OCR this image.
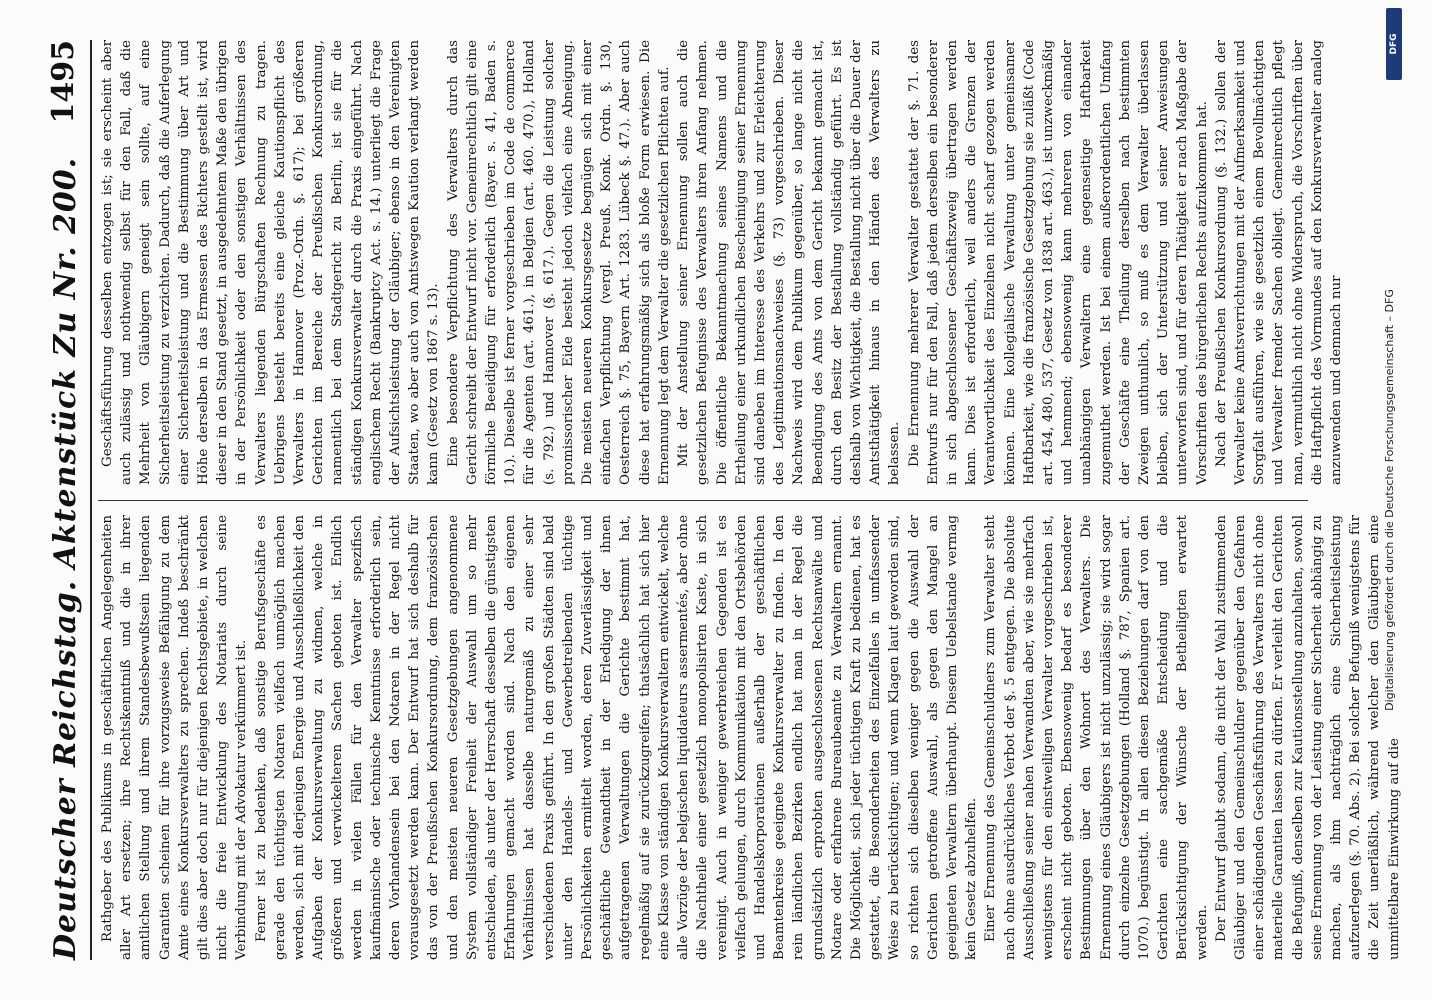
Deutscher Reichstag. Aktenstück Zu Nr. 200.
1495

Rathgeber des Publikums in geschäftlichen Angelegenheiten aller Art ersetzen; ihre Rechtskenntniß und die in ihrer amtlichen Stellung und ihrem Standesbewußtsein liegenden Garantien scheinen für ihre vorzugsweise Befähigung zu dem Amte eines Konkursverwalters zu sprechen. Indeß beschränkt gilt dies aber doch nur für diejenigen Rechtsgebiete, in welchen nicht die freie Entwicklung des Notariats durch seine Verbindung mit der Advokatur verkümmert ist. Ferner ist zu bedenken, daß sonstige Berufsgeschäfte es gerade den tüchtigsten Notaren vielfach unmöglich machen werden, sich mit derjenigen Energie und Ausschließlichkeit den Aufgaben der Konkursverwaltung zu widmen, welche in größeren und verwickelteren Sachen geboten ist. Endlich werden in vielen Fällen für den Verwalter spezifisch kaufmännische oder technische Kenntnisse erforderlich sein, deren Vorhandensein bei den Notaren in der Regel nicht vorausgesetzt werden kann. Der Entwurf hat sich deshalb für das von der Preußischen Konkursordnung, dem französischen und den meisten neueren Gesetzgebungen angenommene System vollständiger Freiheit der Auswahl um so mehr entschieden, als unter der Herrschaft desselben die günstigsten Erfahrungen gemacht worden sind. Nach den eigenen Verhältnissen hat dasselbe naturgemäß zu einer sehr verschiedenen Praxis geführt. In den großen Städten sind bald unter den Handels- und Gewerbetreibenden tüchtige Persönlichkeiten ermittelt worden, deren Zuverlässigkeit und geschäftliche Gewandtheit in der Erledigung der ihnen aufgetragenen Verwaltungen die Gerichte bestimmt hat, regelmäßig auf sie zurückzugreifen; thatsächlich hat sich hier eine Klasse von ständigen Konkursverwaltern entwickelt, welche alle Vorzüge der belgischen liquidateurs assermentés, aber ohne die Nachtheile einer gesetzlich monopolisirten Kaste, in sich vereinigt. Auch in weniger gewerbreichen Gegenden ist es vielfach gelungen, durch Kommunikation mit den Ortsbehörden und Handelskorporationen außerhalb der geschäftlichen Beamtenkreise geeignete Konkursverwalter zu finden. In den rein ländlichen Bezirken endlich hat man in der Regel die grundsätzlich erprobten ausgeschlossenen Rechtsanwälte und Notare oder erfahrene Bureaubeamte zu Verwaltern ernannt. Die Möglichkeit, sich jeder tüchtigen Kraft zu bedienen, hat es gestattet, die Besonderheiten des Einzelfalles in umfassender Weise zu berücksichtigen; und wenn Klagen laut geworden sind, so richten sich dieselben weniger gegen die Auswahl der Gerichten getroffene Auswahl, als gegen den Mangel an geeigneten Verwaltern überhaupt. Diesem Uebelstande vermag kein Gesetz abzuhelfen. Einer Ernennung des Gemeinschuldners zum Verwalter steht nach ohne ausdrückliches Verbot der §. 5 entgegen. Die absolute Ausschließung seiner nahen Verwandten aber, wie sie mehrfach wenigstens für den einstweiligen Verwalter vorgeschrieben ist, erscheint nicht geboten. Ebensowenig bedarf es besonderer Bestimmungen über den Wohnort des Verwalters. Die Ernennung eines Gläubigers ist nicht unzulässig; sie wird sogar durch einzelne Gesetzgebungen (Holland §. 787, Spanien art. 1070.) begünstigt. In allen diesen Beziehungen darf von den Gerichten eine sachgemäße Entscheidung und die Berücksichtigung der Wünsche der Betheiligten erwartet werden. Der Entwurf glaubt sodann, die nicht der Wahl zustimmenden Gläubiger und den Gemeinschuldner gegenüber den Gefahren einer schädigenden Geschäftsführung des Verwalters nicht ohne materielle Garantien lassen zu dürfen. Er verleiht den Gerichten die Befugniß, denselben zur Kautionsstellung anzuhalten, sowohl seine Ernennung von der Leistung einer Sicherheit abhängig zu machen, als ihm nachträglich eine Sicherheitsleistung aufzuerlegen (§. 70. Abs. 2). Bei solcher Befugniß wenigstens für die Zeit unerläßlich, während welcher den Gläubigern eine unmittelbare Einwirkung auf die

Geschäftsführung desselben entzogen ist; sie erscheint aber auch zulässig und nothwendig selbst für den Fall, daß die Mehrheit von Gläubigern geneigt sein sollte, auf eine Sicherheitsleistung zu verzichten. Dadurch, daß die Auferlegung einer Sicherheitsleistung und die Bestimmung über Art und Höhe derselben in das Ermessen des Richters gestellt ist, wird dieser in den Stand gesetzt, in ausgedehntem Maße den übrigen in der Persönlichkeit oder den sonstigen Verhältnissen des Verwalters liegenden Bürgschaften Rechnung zu tragen. Uebrigens besteht bereits eine gleiche Kautionspflicht des Verwalters in Hannover (Proz.-Ordn. §. 617); bei größeren Gerichten im Bereiche der Preußischen Konkursordnung, namentlich bei dem Stadtgericht zu Berlin, ist sie für die ständigen Konkursverwalter durch die Praxis eingeführt. Nach englischem Recht (Bankruptcy Act. s. 14.) unterliegt die Frage der Aufsichtsleistung der Gläubiger; ebenso in den Vereinigten Staaten, wo aber auch von Amtswegen Kaution verlangt werden kann (Gesetz von 1867 s. 13). Eine besondere Verpflichtung des Verwalters durch das Gericht schreibt der Entwurf nicht vor. Gemeinrechtlich gilt eine förmliche Beeidigung für erforderlich (Bayer. s. 41, Baden s. 10.). Dieselbe ist ferner vorgeschrieben im Code de commerce für die Agenten (art. 461.), in Belgien (art. 460. 470.), Holland (s. 792.) und Hannover (§. 617.). Gegen die Leistung solcher promissorischer Eide besteht jedoch vielfach eine Abneigung. Die meisten neueren Konkursgesetze begnügen sich mit einer einfachen Verpflichtung (vergl. Preuß. Konk. Ordn. §. 130, Oesterreich §. 75, Bayern Art. 1283. Lübeck §. 47.). Aber auch diese hat erfahrungsmäßig sich als bloße Form erwiesen. Die Ernennung legt dem Verwalter die gesetzlichen Pflichten auf. Mit der Anstellung seiner Ernennung sollen auch die gesetzlichen Befugnisse des Verwalters ihren Anfang nehmen. Die öffentliche Bekanntmachung seines Namens und die Ertheilung einer urkundlichen Bescheinigung seiner Ernennung sind daneben im Interesse des Verkehrs und zur Erleichterung des Legitimationsnachweises (§. 73) vorgeschrieben. Dieser Nachweis wird dem Publikum gegenüber, so lange nicht die Beendigung des Amts von dem Gericht bekannt gemacht ist, durch den Besitz der Bestallung vollständig geführt. Es ist deshalb von Wichtigkeit, die Bestallung nicht über die Dauer der Amtsthätigkeit hinaus in den Händen des Verwalters zu belassen. Die Ernennung mehrerer Verwalter gestattet der §. 71. des Entwurfs nur für den Fall, daß jedem derselben ein besonderer in sich abgeschlossener Geschäftszweig übertragen werden kann. Dies ist erforderlich, weil anders die Grenzen der Verantwortlichkeit des Einzelnen nicht scharf gezogen werden können. Eine kollegialische Verwaltung unter gemeinsamer Haftbarkeit, wie die französische Gesetzgebung sie zuläßt (Code art. 454, 480, 537, Gesetz von 1838 art. 463.), ist unzweckmäßig und hemmend; ebensowenig kann mehreren von einander unabhängigen Verwaltern eine gegenseitige Haftbarkeit zugemuthet werden. Ist bei einem außerordentlichen Umfang der Geschäfte eine Theilung derselben nach bestimmten Zweigen unthunlich, so muß es dem Verwalter überlassen bleiben, sich der Unterstützung und seiner Anweisungen unterworfen sind, und für deren Thätigkeit er nach Maßgabe der Vorschriften des bürgerlichen Rechts aufzukommen hat. Nach der Preußischen Konkursordnung (§. 132.) sollen der Verwalter keine Amtsverrichtungen mit der Aufmerksamkeit und Sorgfalt ausführen, wie sie gesetzlich einem Bevollmächtigten und Verwalter fremder Sachen obliegt. Gemeinrechtlich pflegt man, vermuthlich nicht ohne Widerspruch, die Vorschriften über die Haftpflicht des Vormundes auf den Konkursverwalter analog anzuwenden und demnach nur	Digitalisierung gefördert durch die Deutsche Forschungsgemeinschaft – DFG
DFG
